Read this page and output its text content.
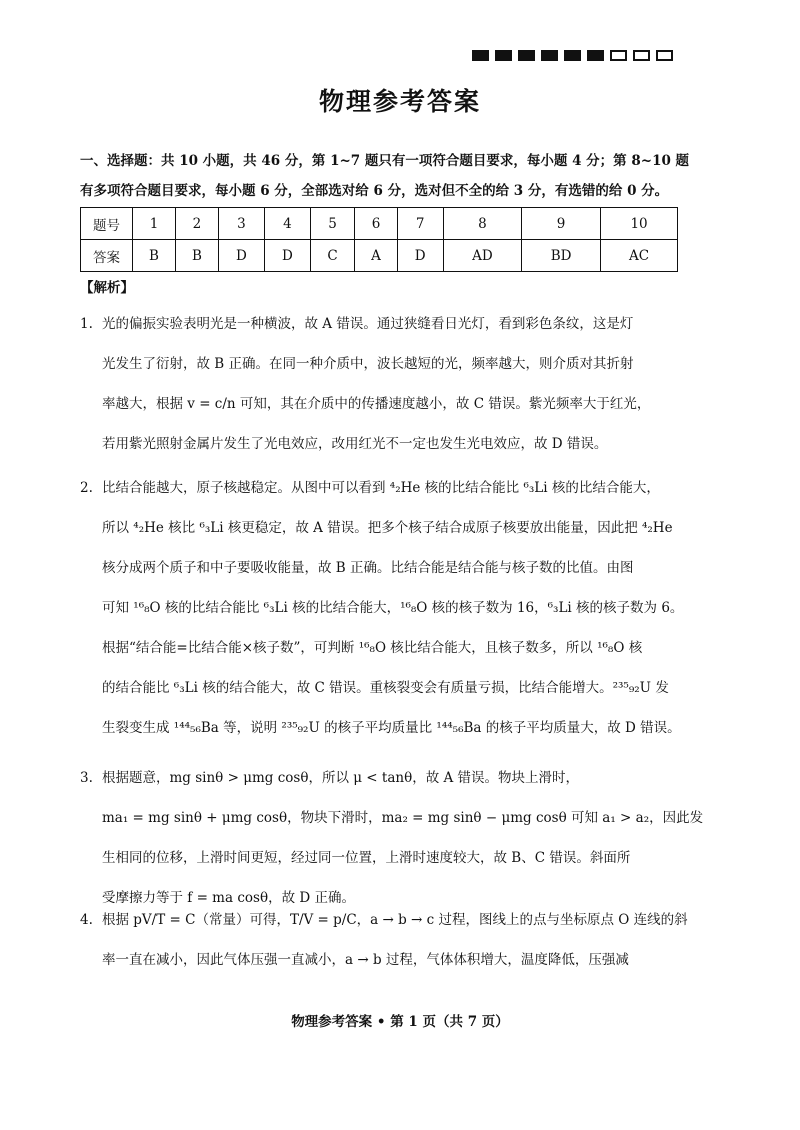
物理参考答案

一、选择题：共 10 小题，共 46 分，第 1~7 题只有一项符合题目要求，每小题 4 分；第 8~10 题

有多项符合题目要求，每小题 6 分，全部选对给 6 分，选对但不全的给 3 分，有选错的给 0 分。

题号	1	2	3	4	5	6	7	8	9	10
答案	B	B	D	D	C	A	D	AD	BD	AC
【解析】

1. 光的偏振实验表明光是一种横波，故 A 错误。通过狭缝看日光灯，看到彩色条纹，这是灯

光发生了衍射，故 B 正确。在同一种介质中，波长越短的光，频率越大，则介质对其折射

率越大，根据 v = c/n 可知，其在介质中的传播速度越小，故 C 错误。紫光频率大于红光，

若用紫光照射金属片发生了光电效应，改用红光不一定也发生光电效应，故 D 错误。

2. 比结合能越大，原子核越稳定。从图中可以看到 ⁴₂He 核的比结合能比 ⁶₃Li 核的比结合能大，

所以 ⁴₂He 核比 ⁶₃Li 核更稳定，故 A 错误。把多个核子结合成原子核要放出能量，因此把 ⁴₂He

核分成两个质子和中子要吸收能量，故 B 正确。比结合能是结合能与核子数的比值。由图

可知 ¹⁶₈O 核的比结合能比 ⁶₃Li 核的比结合能大，¹⁶₈O 核的核子数为 16，⁶₃Li 核的核子数为 6。

根据“结合能=比结合能×核子数”，可判断 ¹⁶₈O 核比结合能大，且核子数多，所以 ¹⁶₈O 核

的结合能比 ⁶₃Li 核的结合能大，故 C 错误。重核裂变会有质量亏损，比结合能增大。²³⁵₉₂U 发

生裂变生成 ¹⁴⁴₅₆Ba 等，说明 ²³⁵₉₂U 的核子平均质量比 ¹⁴⁴₅₆Ba 的核子平均质量大，故 D 错误。

3. 根据题意，mg sinθ > μmg cosθ，所以 μ < tanθ，故 A 错误。物块上滑时，

ma₁ = mg sinθ + μmg cosθ，物块下滑时，ma₂ = mg sinθ − μmg cosθ 可知 a₁ > a₂，因此发

生相同的位移，上滑时间更短，经过同一位置，上滑时速度较大，故 B、C 错误。斜面所

受摩擦力等于 f = ma cosθ，故 D 正确。

4. 根据 pV/T = C（常量）可得，T/V = p/C，a → b → c 过程，图线上的点与坐标原点 O 连线的斜

率一直在减小，因此气体压强一直减小，a → b 过程，气体体积增大，温度降低，压强减

物理参考答案 • 第 1 页（共 7 页）
